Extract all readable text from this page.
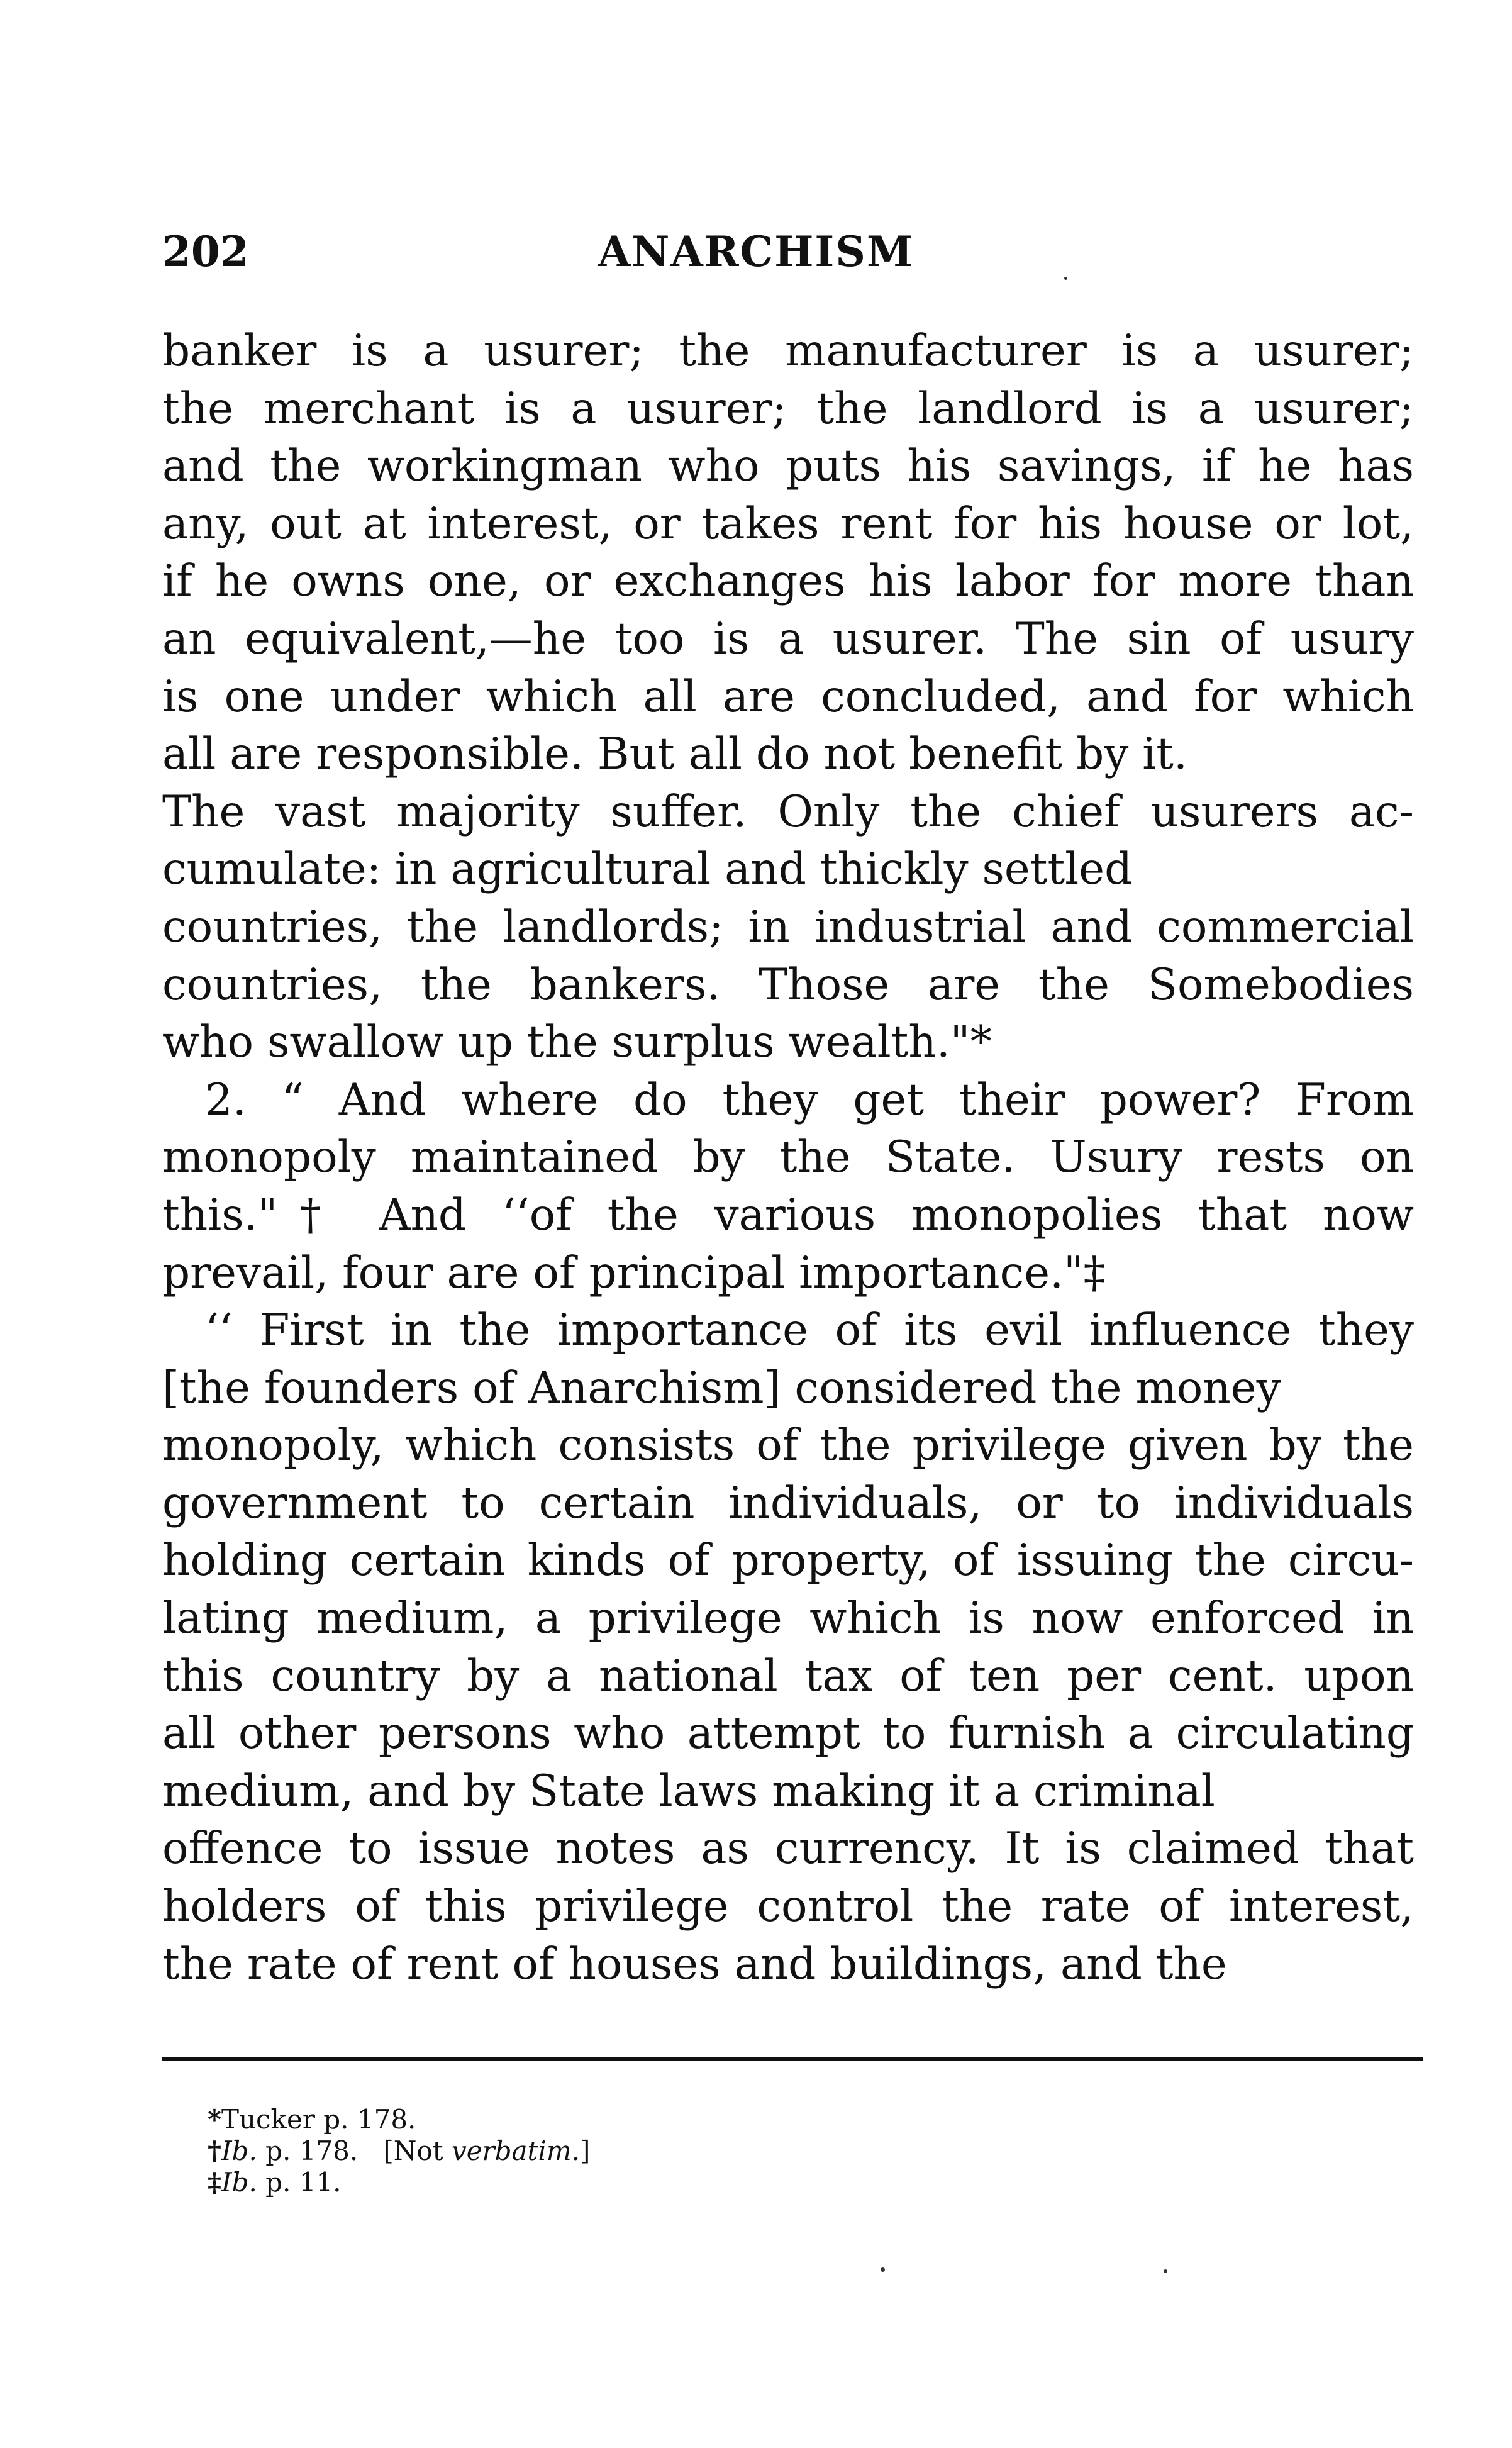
202	ANARCHISM
banker is a usurer; the manufacturer is a usurer;
the merchant is a usurer; the landlord is a usurer;
and the workingman who puts his savings, if he has
any, out at interest, or takes rent for his house or lot,
if he owns one, or exchanges his labor for more than
an equivalent,—he too is a usurer. The sin of usury
is one under which all are concluded, and for which
all are responsible. But all do not benefit by it.
The vast majority suffer. Only the chief usurers ac-
cumulate: in agricultural and thickly settled
countries, the landlords; in industrial and commercial
countries, the bankers. Those are the Somebodies
who swallow up the surplus wealth."*
2. “ And where do they get their power? From
monopoly maintained by the State. Usury rests on
this."† And ‘‘of the various monopolies that now
prevail, four are of principal importance."‡
‘‘ First in the importance of its evil influence they
[the founders of Anarchism] considered the money
monopoly, which consists of the privilege given by the
government to certain individuals, or to individuals
holding certain kinds of property, of issuing the circu-
lating medium, a privilege which is now enforced in
this country by a national tax of ten per cent. upon
all other persons who attempt to furnish a circulating
medium, and by State laws making it a criminal
offence to issue notes as currency. It is claimed that
holders of this privilege control the rate of interest,
the rate of rent of houses and buildings, and the
*Tucker p. 178.
†Ib. p. 178. [Not verbatim.]
‡Ib. p. 11.
